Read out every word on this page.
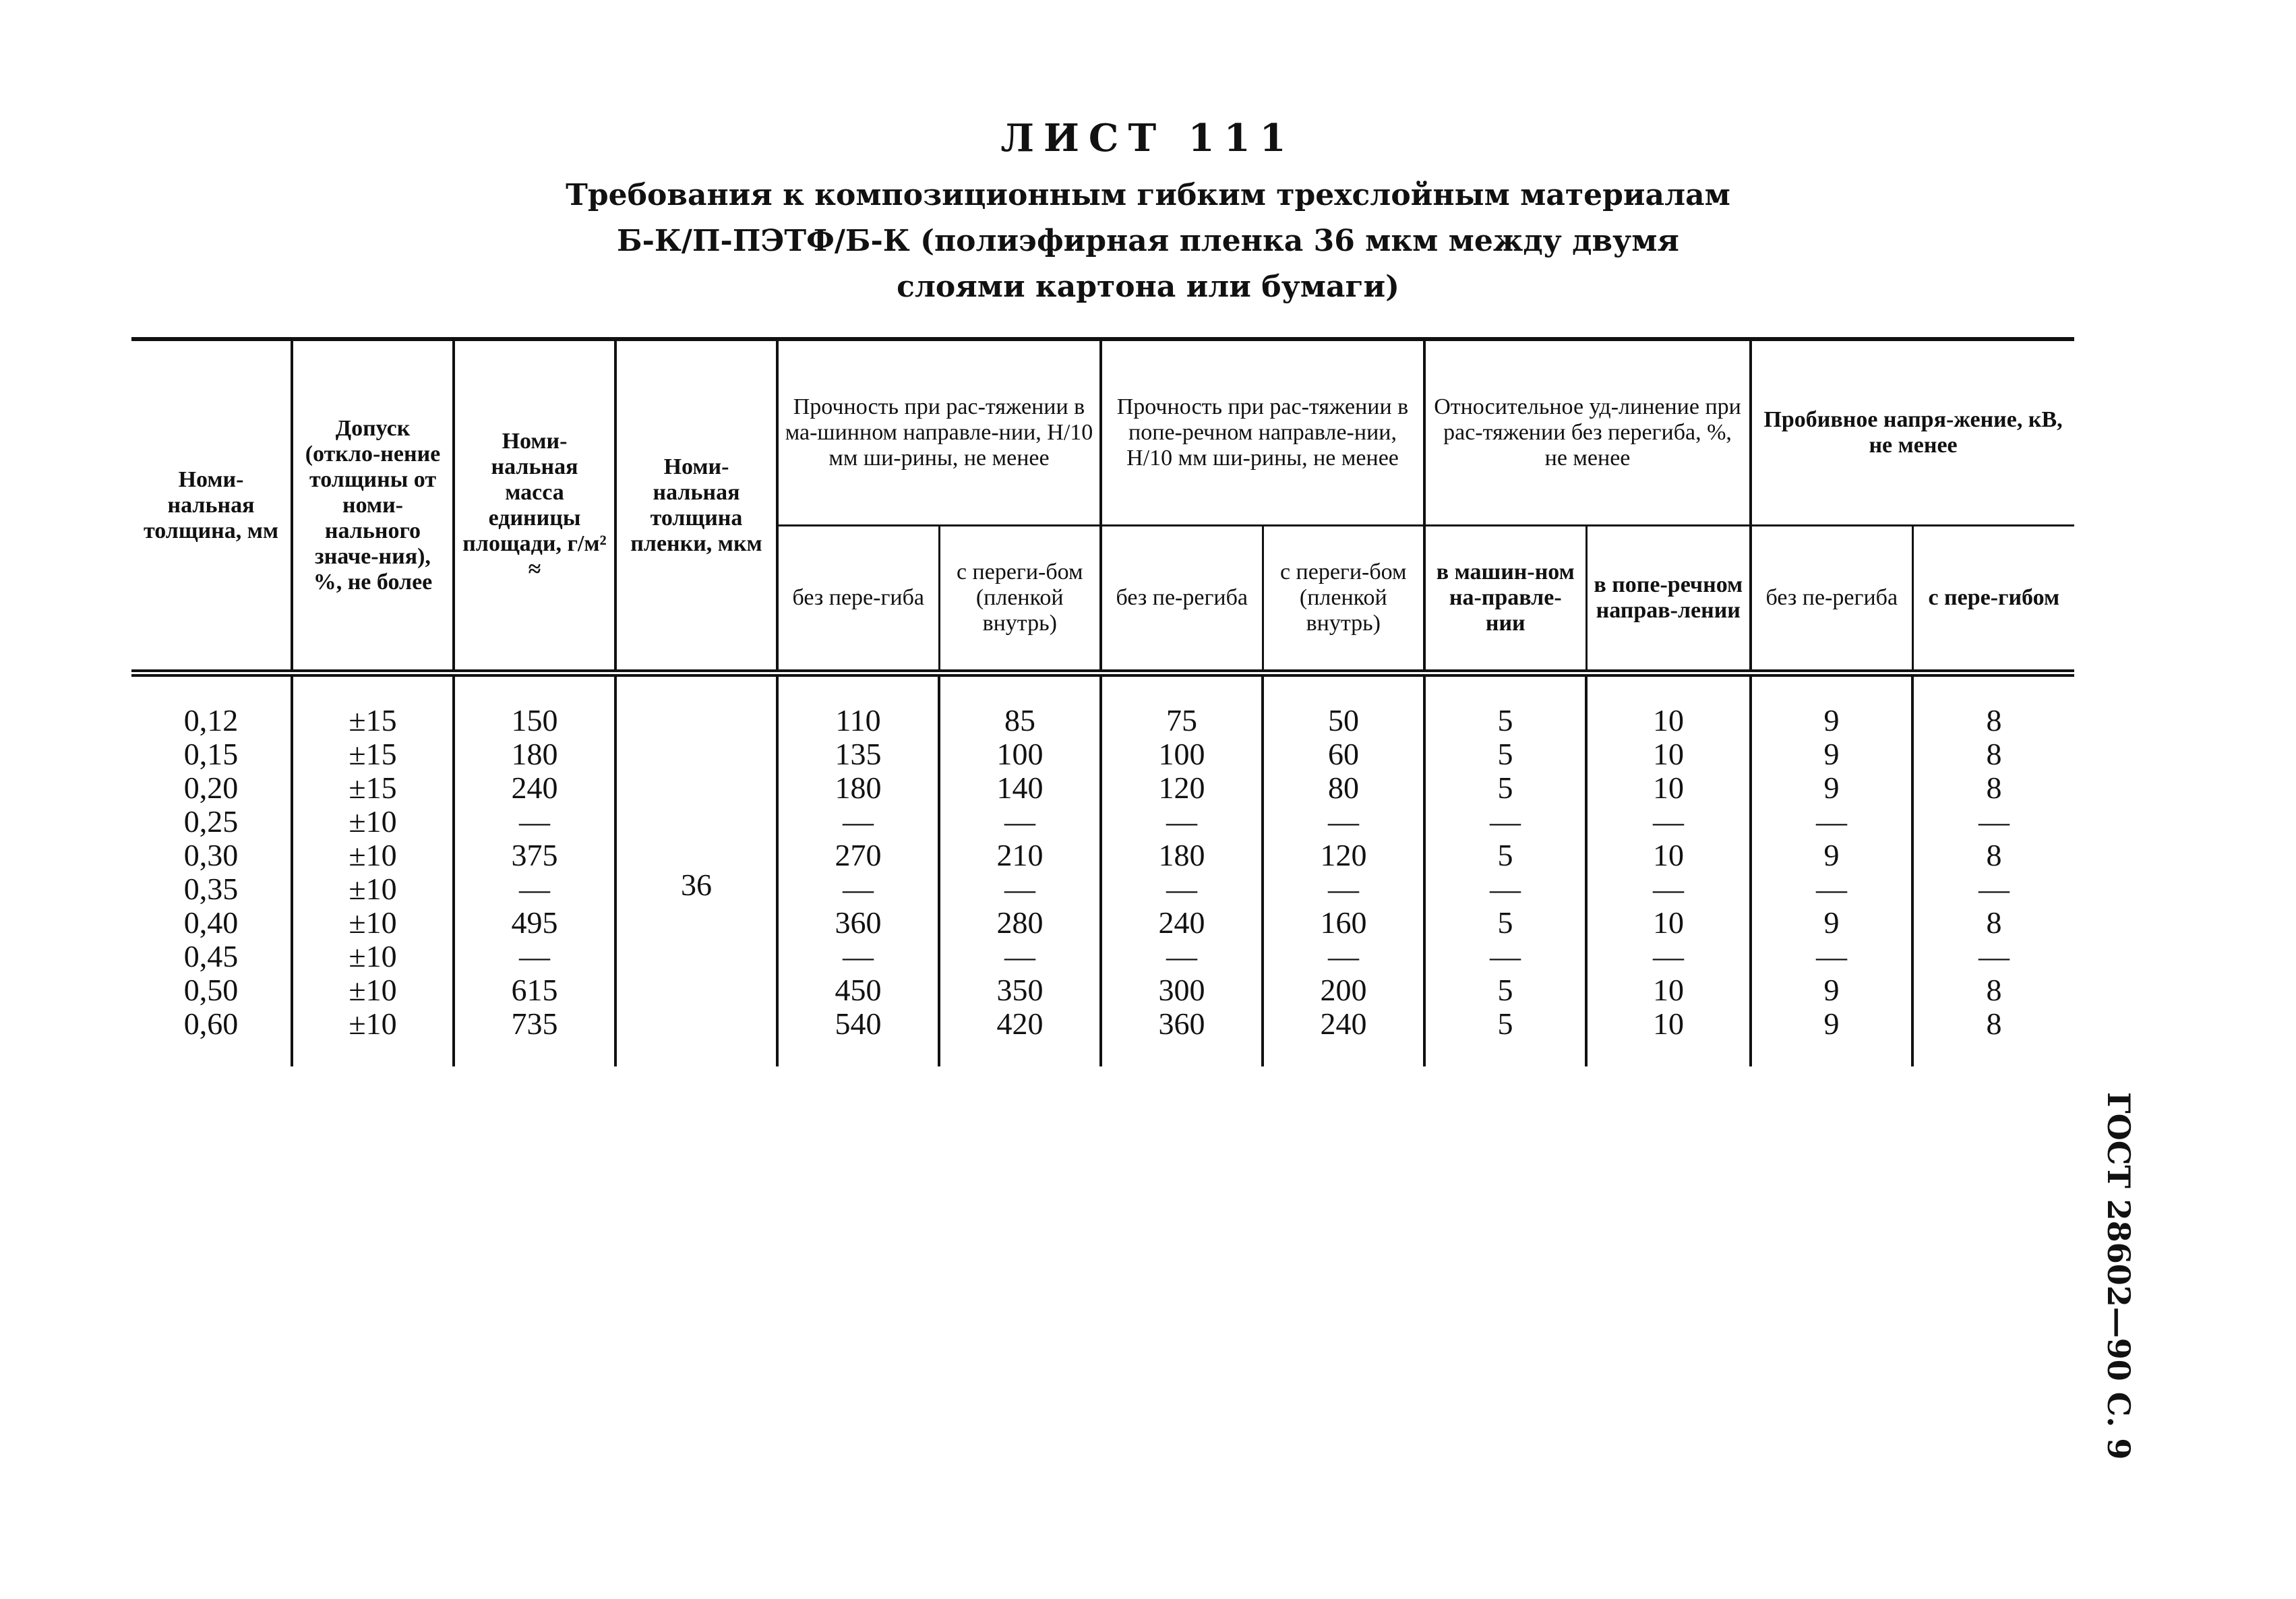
ЛИСТ 111
Требования к композиционным гибким трехслойным материалам
Б-К/П-ПЭТФ/Б-К (полиэфирная пленка 36 мкм между двумя
слоями картона или бумаги)
Номи-нальная толщина, мм	Допуск (откло-нение толщины от номи-нального значе-ния), %, не более	Номи-нальная масса единицы площади, г/м² ≈	Номи-нальная толщина пленки, мкм	Прочность при рас-тяжении в ма-шинном направле-нии, Н/10 мм ши-рины, не менее		Прочность при рас-тяжении в попе-речном направле-нии, Н/10 мм ши-рины, не менее		Относительное уд-линение при рас-тяжении без перегиба, %, не менее		Пробивное напря-жение, кВ, не менее	
				без пере-гиба	с переги-бом (пленкой внутрь)	без пе-региба	с переги-бом (пленкой внутрь)	в машин-ном на-правле-нии	в попе-речном направ-лении	без пе-региба	с пере-гибом

0,12	±15	150	36	110	85	75	50	5	10	9	8
0,15	±15	180		135	100	100	60	5	10	9	8
0,20	±15	240		180	140	120	80	5	10	9	8
0,25	±10	—		—	—	—	—	—	—	—	—
0,30	±10	375		270	210	180	120	5	10	9	8
0,35	±10	—		—	—	—	—	—	—	—	—
0,40	±10	495		360	280	240	160	5	10	9	8
0,45	±10	—		—	—	—	—	—	—	—	—
0,50	±10	615		450	350	300	200	5	10	9	8
0,60	±10	735		540	420	360	240	5	10	9	8
ГОСТ 28602—90 С. 9
